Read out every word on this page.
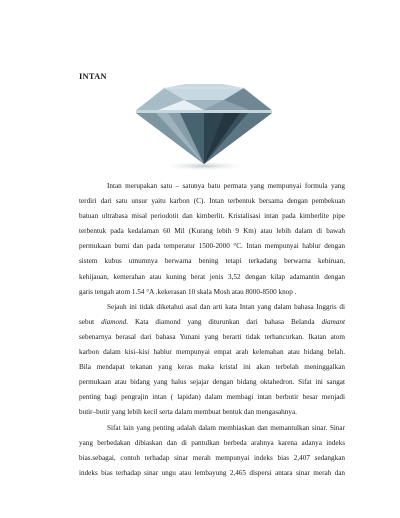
INTAN
Intan merupakan satu – satunya batu permata yang mempunyai formula yang
terdiri dari satu unsur yaitu karbon (C). Intan terbentuk bersama dengan pembekuan
batuan ultrabasa misal periodotit dan kimberlit. Kristalisasi intan pada kimberlite pipe
terbentuk pada kedalaman 60 Mil (Kurang lebih 9 Km) atau lebih dalam di bawah
permukaan bumi dan pada temperatur 1500-2000 °C. Intan mempunyai hablur dengan
sistem kubus umumnya berwarna bening tetapi terkadang berwarna kebiruan,
kehijauan, kemerahan atau kuning berat jenis 3,52 dengan kilap adamantin dengan
garis tengah atom 1.54 °A .kekerasan 10 skala Mosh atau 8000-8500 knop .
Sejauh ini tidak diketahui asal dan arti kata Intan yang dalam bahasa Inggris di
sebut diamond. Kata diamond yang diturunkan dari bahasa Belanda diamant
sebenarnya berasal dari bahasa Yunani yang berarti tidak terhancurkan. Ikatan atom
karbon dalam kisi–kisi hablur mempunyai empat arah kelemahan atau bidang belah.
Bila mendapat tekanan yang keras maka kristal ini akan terbelah meninggalkan
permukaan atau bidang yang halus sejajar dengan bidang oktahedron. Sifat ini sangat
penting bagi pengrajin intan ( lapidan) dalam membagi intan berbutir besar menjadi
butir–butir yang lebih kecil serta dalam membuat bentuk dan mengasahnya.
Sifat lain yang penting adalah dalam membiaskan dan memantulkan sinar. Sinar
yang berbedakan dibiaskan dan di pantulkan berbeda arahnya karena adanya indeks
bias.sebagai, contoh terhadap sinar merah mempunyai indeks bias 2,407 sedangkan
indeks bias terhadap sinar ungu atau lembayung 2,465 dispersi antara sinar merah dan
